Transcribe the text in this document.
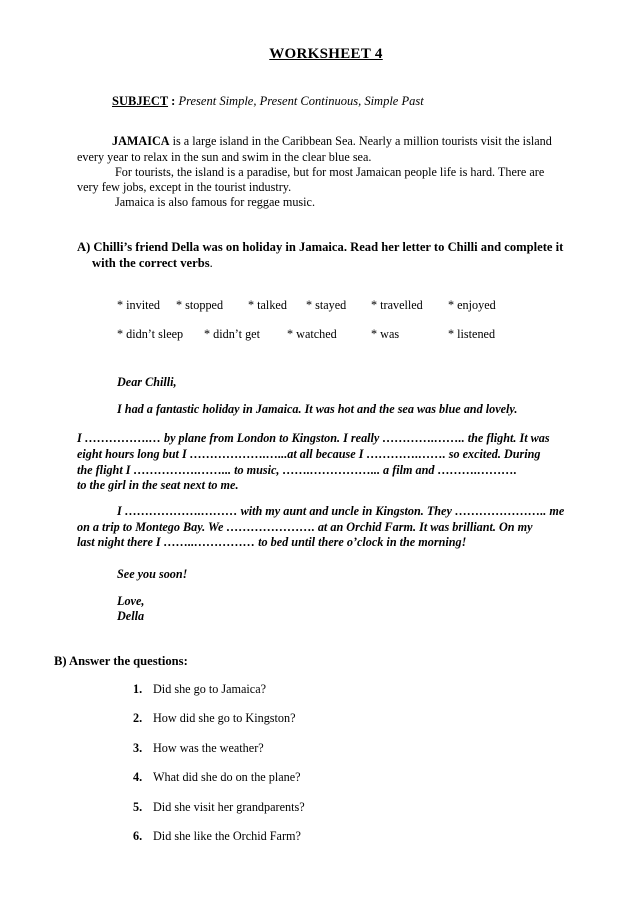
WORKSHEET 4
SUBJECT : Present Simple, Present Continuous, Simple Past
JAMAICA is a large island in the Caribbean Sea. Nearly a million tourists visit the island
every year to relax in the sun and swim in the clear blue sea.
For tourists, the island is a paradise, but for most Jamaican people life is hard. There are
very few jobs, except in the tourist industry.
Jamaica is also famous for reggae music.
A) Chilli’s friend Della was on holiday in Jamaica. Read her letter to Chilli and complete it
with the correct verbs.
* invited * stopped * talked * stayed * travelled * enjoyed
* didn’t sleep * didn’t get * watched	* was	* listened
Dear Chilli,
I had a fantastic holiday in Jamaica. It was hot and the sea was blue and lovely.
I …………….… by plane from London to Kingston. I really ………….…….. the flight. It was
eight hours long but I ……………….…...at all because I ………….……. so excited. During
the flight I …………….……... to music, …….……………... a film and ……….……….
to the girl in the seat next to me.
I ……………….……… with my aunt and uncle in Kingston. They ………………….. me
on a trip to Montego Bay. We …………………. at an Orchid Farm. It was brilliant. On my
last night there I ……..…………… to bed until there o’clock in the morning!
See you soon!
Love,
Della
B) Answer the questions:
1. Did she go to Jamaica?
2. How did she go to Kingston?
3. How was the weather?
4. What did she do on the plane?
5. Did she visit her grandparents?
6. Did she like the Orchid Farm?
